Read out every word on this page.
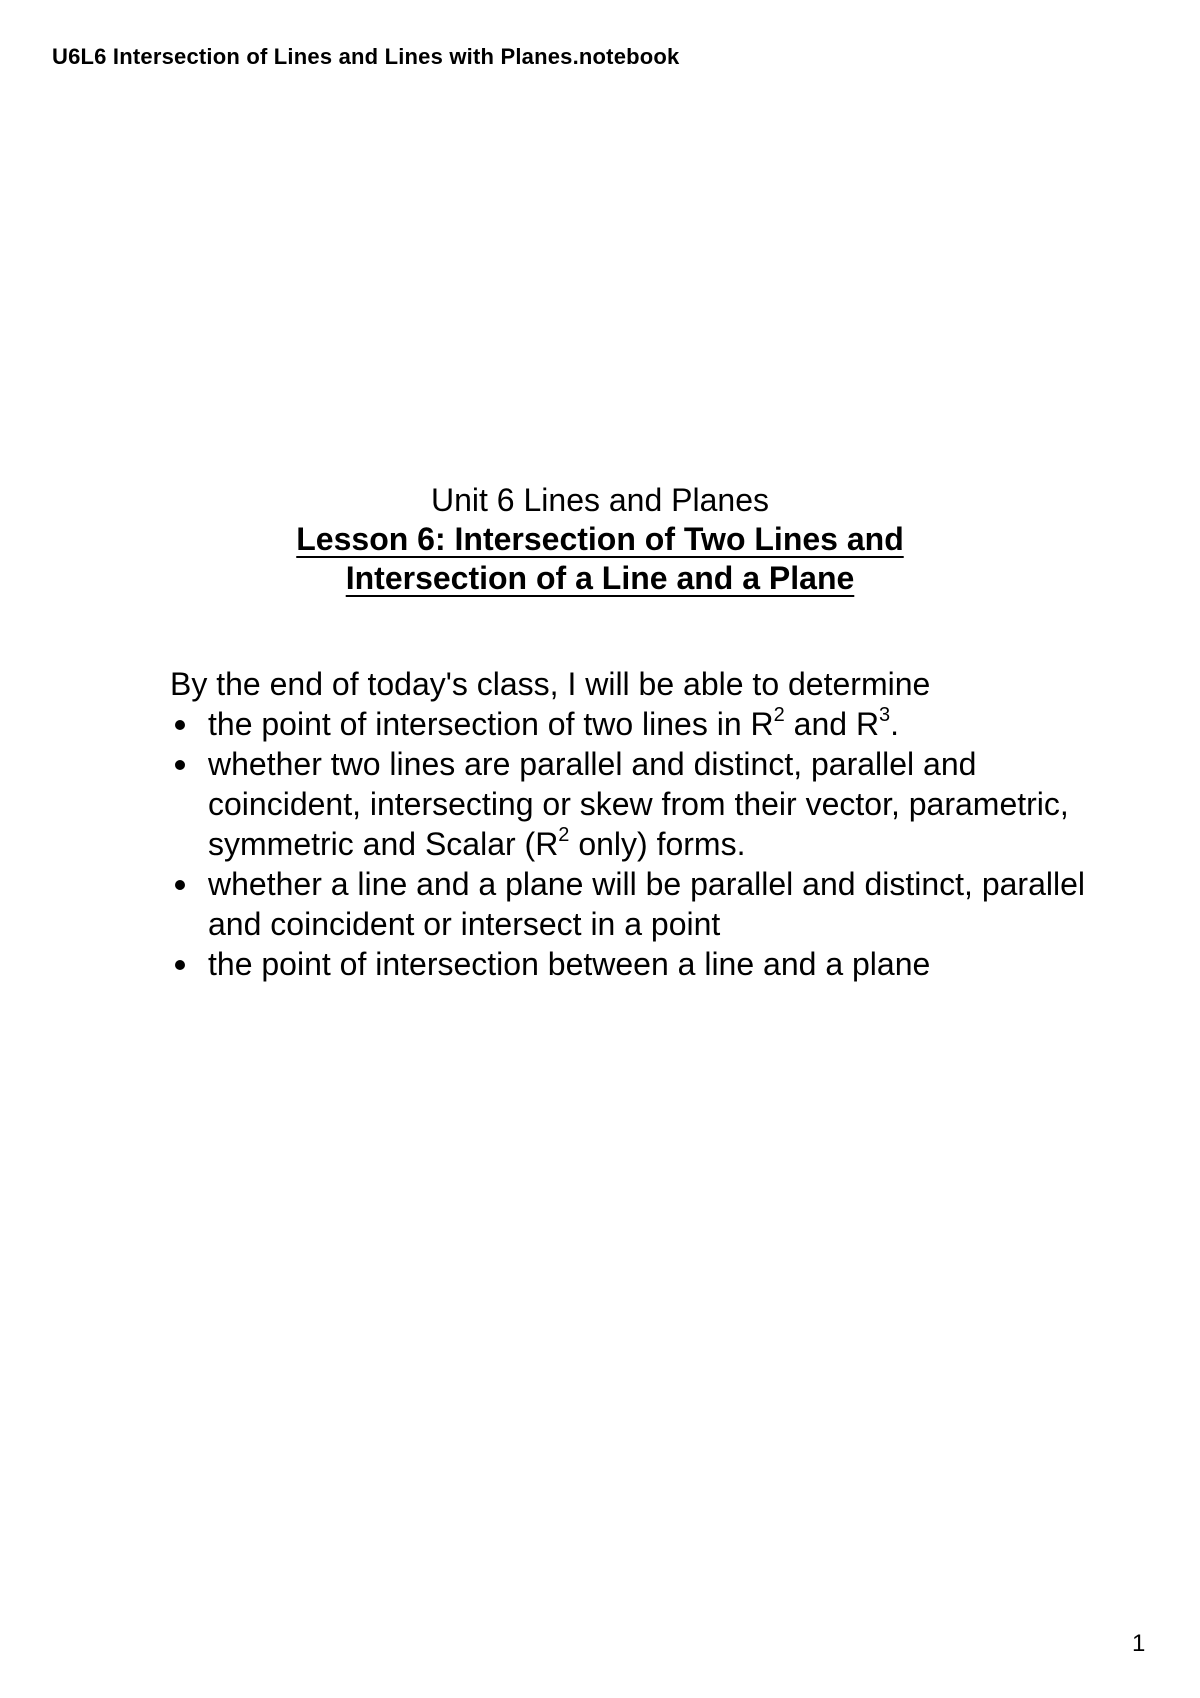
U6L6 Intersection of Lines and Lines with Planes.notebook
Unit 6 Lines and Planes
Lesson 6: Intersection of Two Lines and
Intersection of a Line and a Plane
By the end of today's class, I will be able to determine
the point of intersection of two lines in $R^2$ and $R^3$.
whether two lines are parallel and distinct, parallel and coincident, intersecting or skew from their vector, parametric, symmetric and Scalar ($R^2$ only) forms.
whether a line and a plane will be parallel and distinct, parallel and coincident or intersect in a point
the point of intersection between a line and a plane
1
